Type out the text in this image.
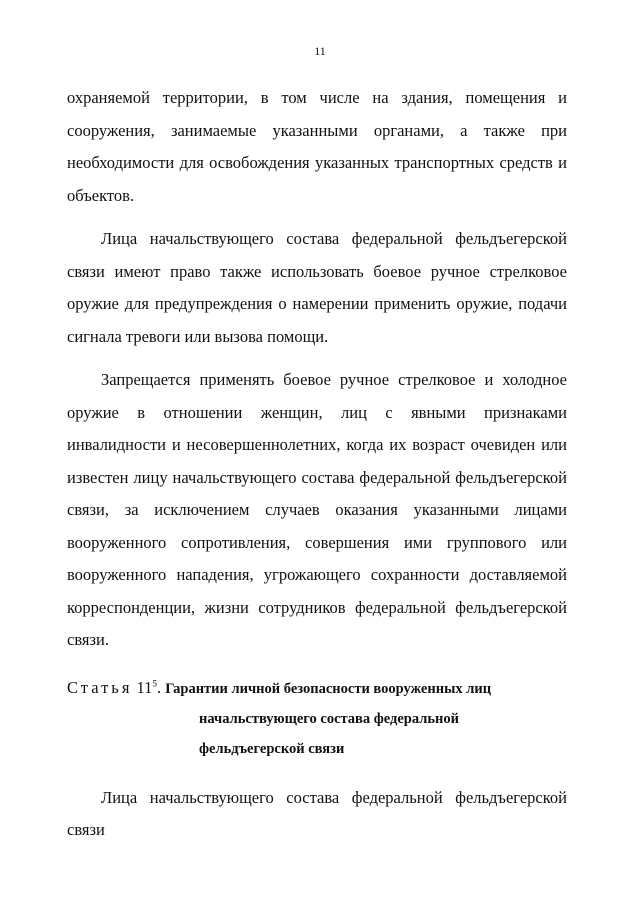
11

охраняемой территории, в том числе на здания, помещения и сооружения, занимаемые указанными органами, а также при необходимости для освобождения указанных транспортных средств и объектов.

Лица начальствующего состава федеральной фельдъегерской связи имеют право также использовать боевое ручное стрелковое оружие для предупреждения о намерении применить оружие, подачи сигнала тревоги или вызова помощи.

Запрещается применять боевое ручное стрелковое и холодное оружие в отношении женщин, лиц с явными признаками инвалидности и несовершеннолетних, когда их возраст очевиден или известен лицу начальствующего состава федеральной фельдъегерской связи, за исключением случаев оказания указанными лицами вооруженного сопротивления, совершения ими группового или вооруженного нападения, угрожающего сохранности доставляемой корреспонденции, жизни сотрудников федеральной фельдъегерской связи.

Статья $11^5$. Гарантии личной безопасности вооруженных лиц
начальствующего состава федеральной
фельдъегерской связи

Лица начальствующего состава федеральной фельдъегерской связи
